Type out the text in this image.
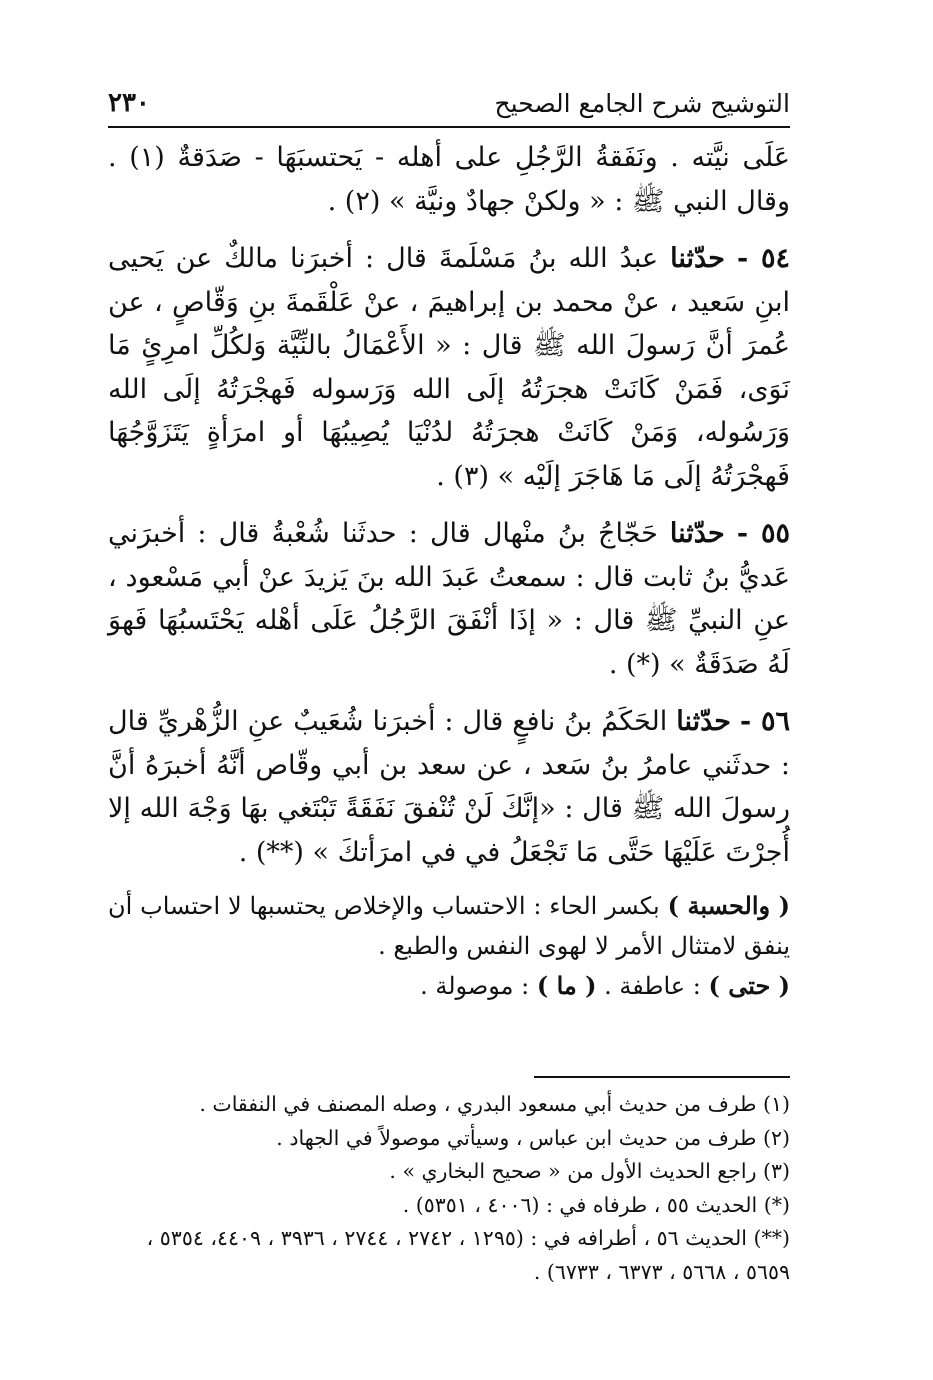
التوشيح شرح الجامع الصحيح
٢٣٠

عَلَى نيَّته . ونَفَقةُ الرَّجُلِ على أهله - يَحتسبَهَا - صَدَقةٌ (١) . وقال النبي ﷺ : « ولكنْ جهادٌ ونيَّة » (٢) .

٥٤ - حدّثنا عبدُ الله بنُ مَسْلَمةَ قال : أخبرَنا مالكٌ عن يَحيى ابنِ سَعيد ، عنْ محمد بن إبراهيمَ ، عنْ عَلْقَمةَ بنِ وَقّاصٍ ، عن عُمرَ أنَّ رَسولَ الله ﷺ قال : « الأَعْمَالُ بالنِّيَّة وَلكُلِّ امرِئٍ مَا نَوَى، فَمَنْ كَانَتْ هجرَتُهُ إلَى الله وَرَسوله فَهجْرَتُهُ إلَى الله وَرَسُوله، وَمَنْ كَانَتْ هجرَتُهُ لدُنْيَا يُصِيبُهَا أو امرَأةٍ يَتَزَوَّجُهَا فَهجْرَتُهُ إلَى مَا هَاجَرَ إلَيْه » (٣) .

٥٥ - حدّثنا حَجّاجُ بنُ منْهال قال : حدثَنا شُعْبةُ قال : أخبرَني عَديُّ بنُ ثابت قال : سمعتُ عَبدَ الله بنَ يَزيدَ عنْ أبي مَسْعود ، عنِ النبيِّ ﷺ قال : « إذَا أنْفَقَ الرَّجُلُ عَلَى أهْله يَحْتَسبُهَا فَهوَ لَهُ صَدَقَةٌ » (*) .

٥٦ - حدّثنا الحَكَمُ بنُ نافعٍ قال : أخبرَنا شُعَيبٌ عنِ الزُّهْريِّ قال : حدثَني عامرُ بنُ سَعد ، عن سعد بن أبي وقّاص أنَّهُ أخبرَهُ أنَّ رسولَ الله ﷺ قال : «إنَّكَ لَنْ تُنْفقَ نَفَقَةً تَبْتَغي بهَا وَجْهَ الله إلا أُجرْتَ عَلَيْهَا حَتَّى مَا تَجْعَلُ في في امرَأتكَ » (**) .

( والحسبة ) بكسر الحاء : الاحتساب والإخلاص يحتسبها لا احتساب أن ينفق لامتثال الأمر لا لهوى النفس والطبع .

( حتى ) : عاطفة . ( ما ) : موصولة .

(١) طرف من حديث أبي مسعود البدري ، وصله المصنف في النفقات .

(٢) طرف من حديث ابن عباس ، وسيأتي موصولاً في الجهاد .

(٣) راجع الحديث الأول من « صحيح البخاري » .

(*) الحديث ٥٥ ، طرفاه في : (٤٠٠٦ ، ٥٣٥١) .

(**) الحديث ٥٦ ، أطرافه في : (١٢٩٥ ، ٢٧٤٢ ، ٢٧٤٤ ، ٣٩٣٦ ، ٤٤٠٩، ٥٣٥٤ ، ٥٦٥٩ ، ٥٦٦٨ ، ٦٣٧٣ ، ٦٧٣٣) .
